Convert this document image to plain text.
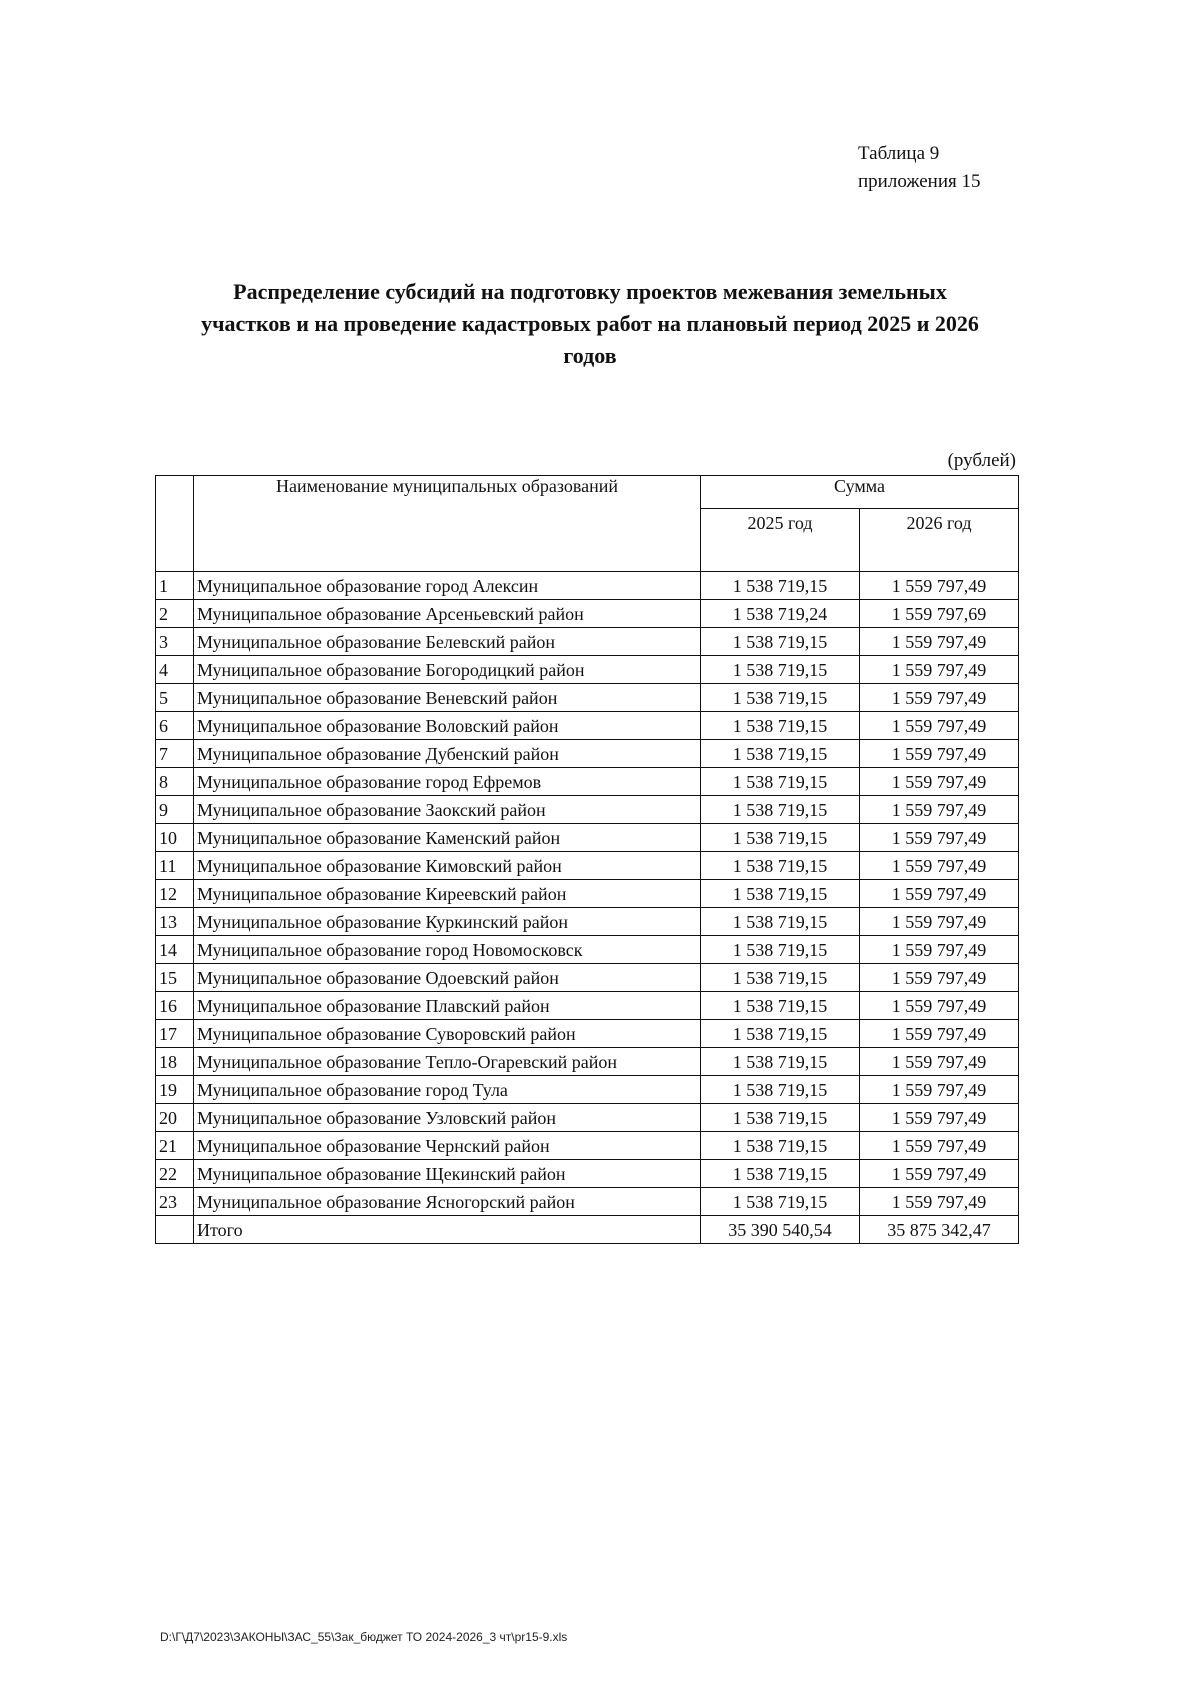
Таблица 9
приложения 15
Распределение субсидий на подготовку проектов межевания земельных
участков и на проведение кадастровых работ на плановый период 2025 и 2026
годов
(рублей)
	Наименование муниципальных образований	Сумма	
		2025 год	2026 год
1	Муниципальное образование город Алексин	1 538 719,15	1 559 797,49
2	Муниципальное образование Арсеньевский район	1 538 719,24	1 559 797,69
3	Муниципальное образование Белевский район	1 538 719,15	1 559 797,49
4	Муниципальное образование Богородицкий район	1 538 719,15	1 559 797,49
5	Муниципальное образование Веневский район	1 538 719,15	1 559 797,49
6	Муниципальное образование Воловский район	1 538 719,15	1 559 797,49
7	Муниципальное образование Дубенский район	1 538 719,15	1 559 797,49
8	Муниципальное образование город Ефремов	1 538 719,15	1 559 797,49
9	Муниципальное образование Заокский район	1 538 719,15	1 559 797,49
10	Муниципальное образование Каменский район	1 538 719,15	1 559 797,49
11	Муниципальное образование Кимовский район	1 538 719,15	1 559 797,49
12	Муниципальное образование Киреевский район	1 538 719,15	1 559 797,49
13	Муниципальное образование Куркинский район	1 538 719,15	1 559 797,49
14	Муниципальное образование город Новомосковск	1 538 719,15	1 559 797,49
15	Муниципальное образование Одоевский район	1 538 719,15	1 559 797,49
16	Муниципальное образование Плавский район	1 538 719,15	1 559 797,49
17	Муниципальное образование Суворовский район	1 538 719,15	1 559 797,49
18	Муниципальное образование Тепло-Огаревский район	1 538 719,15	1 559 797,49
19	Муниципальное образование город Тула	1 538 719,15	1 559 797,49
20	Муниципальное образование Узловский район	1 538 719,15	1 559 797,49
21	Муниципальное образование Чернский район	1 538 719,15	1 559 797,49
22	Муниципальное образование Щекинский район	1 538 719,15	1 559 797,49
23	Муниципальное образование Ясногорский район	1 538 719,15	1 559 797,49
	Итого	35 390 540,54	35 875 342,47
D:\Г\Д7\2023\ЗАКОНЫ\ЗАС_55\Зак_бюджет ТО 2024-2026_3 чт\pr15-9.xls
